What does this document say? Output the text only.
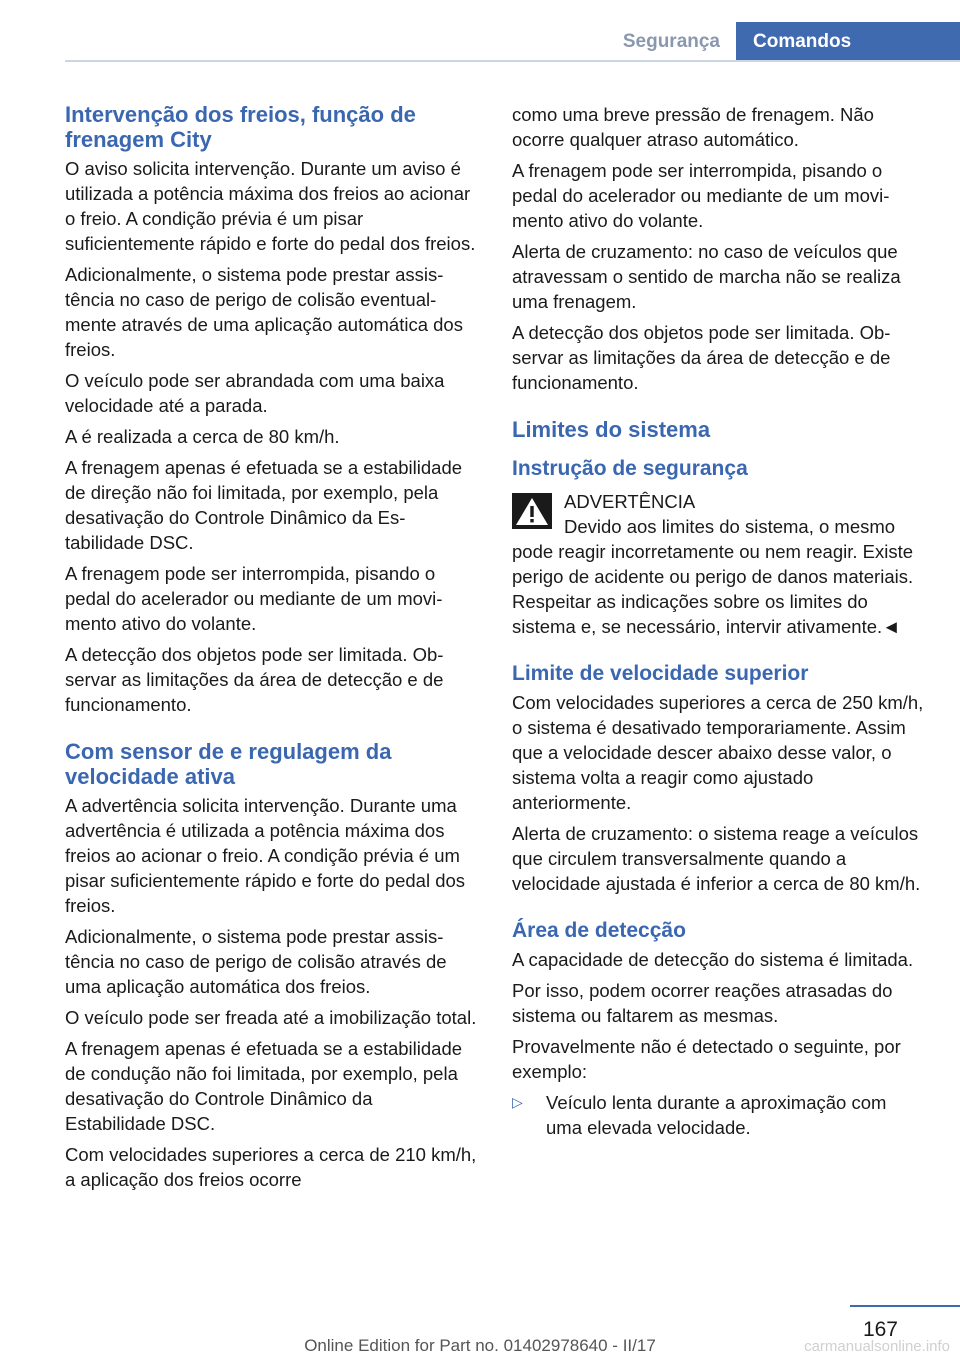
Segurança	Comandos
Intervenção dos freios, função de frenagem City

O aviso solicita intervenção. Durante um aviso é utilizada a potência máxima dos freios ao acionar o freio. A condição prévia é um pisar suficientemente rápido e forte do pedal dos freios.

Adicionalmente, o sistema pode prestar assistência no caso de perigo de colisão eventualmente através de uma aplicação automática dos freios.

O veículo pode ser abrandada com uma baixa velocidade até a parada.

A é realizada a cerca de 80 km/h.

A frenagem apenas é efetuada se a estabilidade de direção não foi limitada, por exemplo, pela desativação do Controle Dinâmico da Estabilidade DSC.

A frenagem pode ser interrompida, pisando o pedal do acelerador ou mediante de um movimento ativo do volante.

A detecção dos objetos pode ser limitada. Observar as limitações da área de detecção e de funcionamento.

Com sensor de e regulagem da velocidade ativa

A advertência solicita intervenção. Durante uma advertência é utilizada a potência máxima dos freios ao acionar o freio. A condição prévia é um pisar suficientemente rápido e forte do pedal dos freios.

Adicionalmente, o sistema pode prestar assistência no caso de perigo de colisão através de uma aplicação automática dos freios.

O veículo pode ser freada até a imobilização total.

A frenagem apenas é efetuada se a estabilidade de condução não foi limitada, por exemplo, pela desativação do Controle Dinâmico da Estabilidade DSC.

Com velocidades superiores a cerca de 210 km/h, a aplicação dos freios ocorre

como uma breve pressão de frenagem. Não ocorre qualquer atraso automático.

A frenagem pode ser interrompida, pisando o pedal do acelerador ou mediante de um movimento ativo do volante.

Alerta de cruzamento: no caso de veículos que atravessam o sentido de marcha não se realiza uma frenagem.

A detecção dos objetos pode ser limitada. Observar as limitações da área de detecção e de funcionamento.

Limites do sistema
Instrução de segurança

ADVERTÊNCIA

Devido aos limites do sistema, o mesmo pode reagir incorretamente ou nem reagir. Existe perigo de acidente ou perigo de danos materiais. Respeitar as indicações sobre os limites do sistema e, se necessário, intervir ativamente.◄

Limite de velocidade superior

Com velocidades superiores a cerca de 250 km/h, o sistema é desativado temporariamente. Assim que a velocidade descer abaixo desse valor, o sistema volta a reagir como ajustado anteriormente.

Alerta de cruzamento: o sistema reage a veículos que circulem transversalmente quando a velocidade ajustada é inferior a cerca de 80 km/h.

Área de detecção

A capacidade de detecção do sistema é limitada.

Por isso, podem ocorrer reações atrasadas do sistema ou faltarem as mesmas.

Provavelmente não é detectado o seguinte, por exemplo:

▷ Veículo lenta durante a aproximação com uma elevada velocidade.
167
Online Edition for Part no. 01402978640 - II/17	carmanualsonline.info
